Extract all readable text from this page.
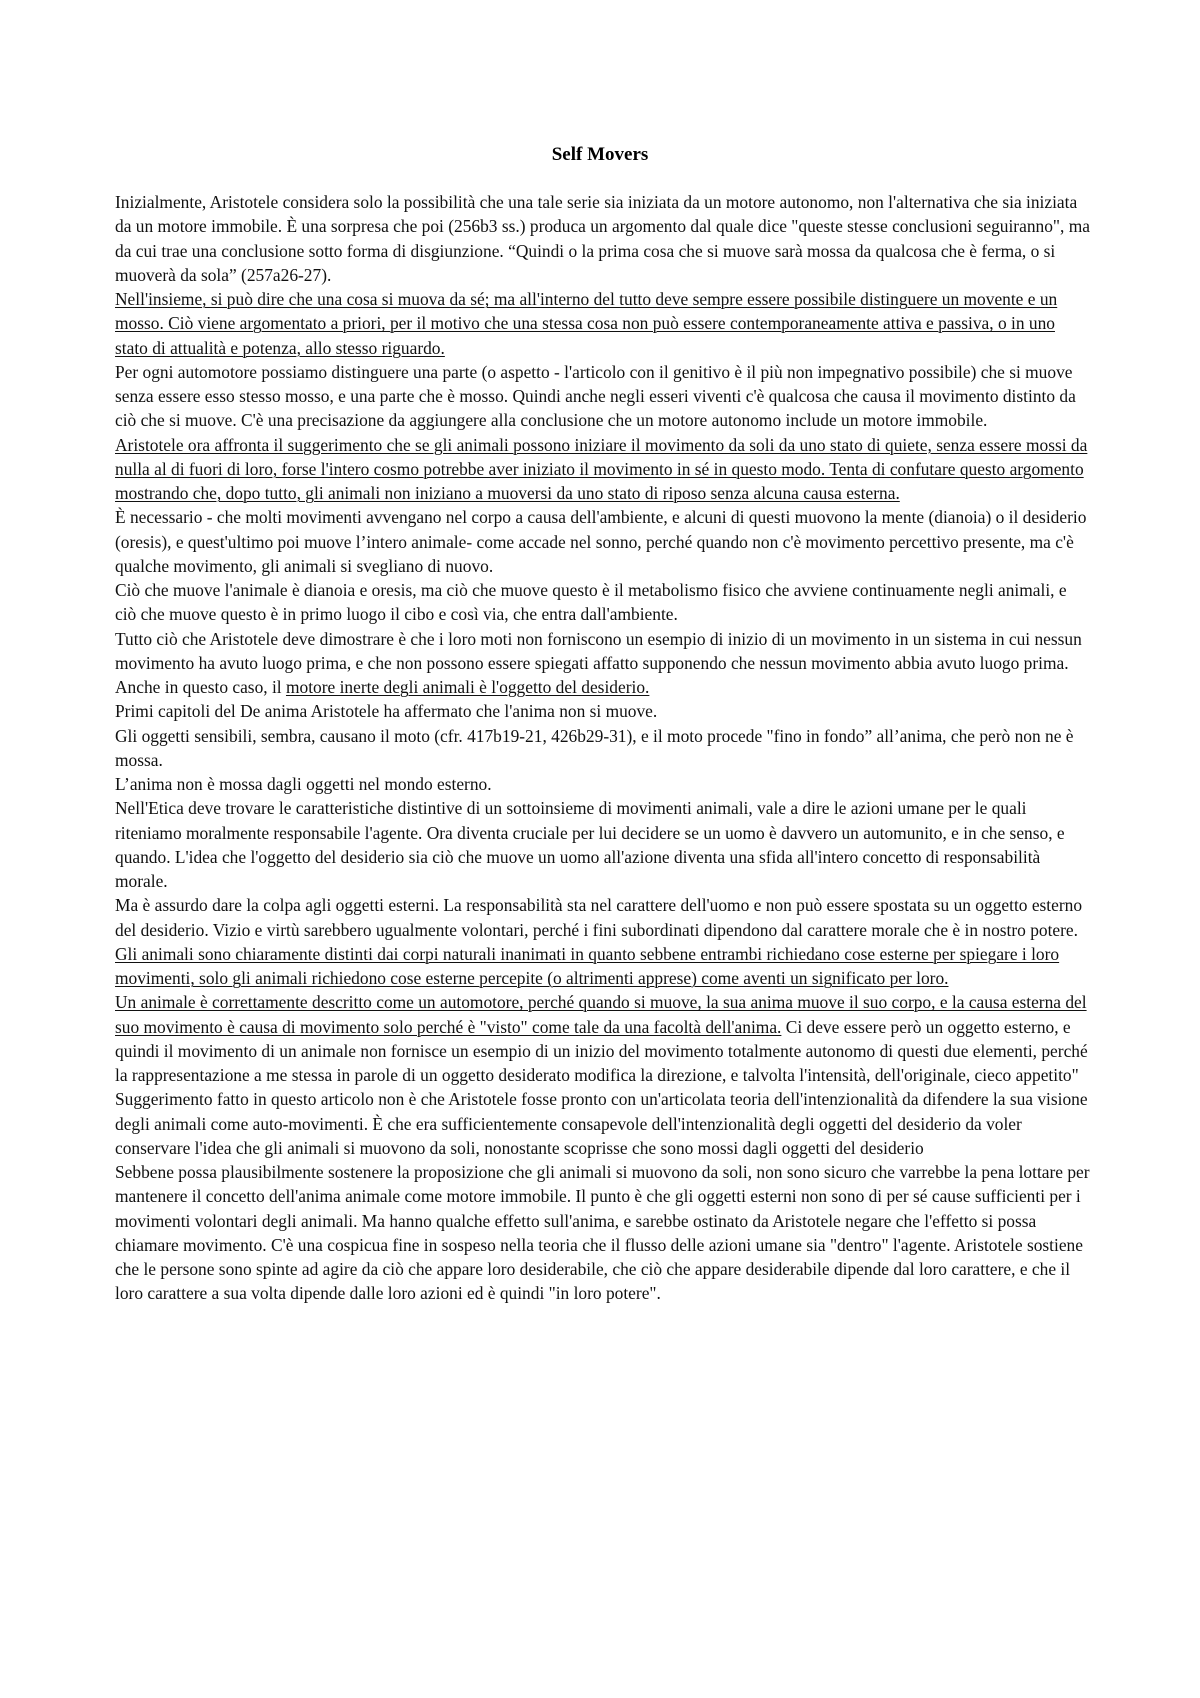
Self Movers

Inizialmente, Aristotele considera solo la possibilità che una tale serie sia iniziata da un motore autonomo, non l'alternativa che sia iniziata da un motore immobile. È una sorpresa che poi (256b3 ss.) produca un argomento dal quale dice "queste stesse conclusioni seguiranno", ma da cui trae una conclusione sotto forma di disgiunzione. “Quindi o la prima cosa che si muove sarà mossa da qualcosa che è ferma, o si muoverà da sola” (257a26-27).

Nell'insieme, si può dire che una cosa si muova da sé; ma all'interno del tutto deve sempre essere possibile distinguere un movente e un mosso. Ciò viene argomentato a priori, per il motivo che una stessa cosa non può essere contemporaneamente attiva e passiva, o in uno stato di attualità e potenza, allo stesso riguardo.

Per ogni automotore possiamo distinguere una parte (o aspetto - l'articolo con il genitivo è il più non impegnativo possibile) che si muove senza essere esso stesso mosso, e una parte che è mosso. Quindi anche negli esseri viventi c'è qualcosa che causa il movimento distinto da ciò che si muove. C'è una precisazione da aggiungere alla conclusione che un motore autonomo include un motore immobile.

Aristotele ora affronta il suggerimento che se gli animali possono iniziare il movimento da soli da uno stato di quiete, senza essere mossi da nulla al di fuori di loro, forse l'intero cosmo potrebbe aver iniziato il movimento in sé in questo modo. Tenta di confutare questo argomento mostrando che, dopo tutto, gli animali non iniziano a muoversi da uno stato di riposo senza alcuna causa esterna.

È necessario - che molti movimenti avvengano nel corpo a causa dell'ambiente, e alcuni di questi muovono la mente (dianoia) o il desiderio (oresis), e quest'ultimo poi muove l’intero animale- come accade nel sonno, perché quando non c'è movimento percettivo presente, ma c'è qualche movimento, gli animali si svegliano di nuovo.

Ciò che muove l'animale è dianoia e oresis, ma ciò che muove questo è il metabolismo fisico che avviene continuamente negli animali, e ciò che muove questo è in primo luogo il cibo e così via, che entra dall'ambiente.

Tutto ciò che Aristotele deve dimostrare è che i loro moti non forniscono un esempio di inizio di un movimento in un sistema in cui nessun movimento ha avuto luogo prima, e che non possono essere spiegati affatto supponendo che nessun movimento abbia avuto luogo prima.

Anche in questo caso, il motore inerte degli animali è l'oggetto del desiderio.

Primi capitoli del De anima Aristotele ha affermato che l'anima non si muove.

Gli oggetti sensibili, sembra, causano il moto (cfr. 417b19-21, 426b29-31), e il moto procede "fino in fondo” all’anima, che però non ne è mossa.

L’anima non è mossa dagli oggetti nel mondo esterno.

Nell'Etica deve trovare le caratteristiche distintive di un sottoinsieme di movimenti animali, vale a dire le azioni umane per le quali riteniamo moralmente responsabile l'agente. Ora diventa cruciale per lui decidere se un uomo è davvero un automunito, e in che senso, e quando. L'idea che l'oggetto del desiderio sia ciò che muove un uomo all'azione diventa una sfida all'intero concetto di responsabilità morale.

Ma è assurdo dare la colpa agli oggetti esterni. La responsabilità sta nel carattere dell'uomo e non può essere spostata su un oggetto esterno del desiderio. Vizio e virtù sarebbero ugualmente volontari, perché i fini subordinati dipendono dal carattere morale che è in nostro potere.

Gli animali sono chiaramente distinti dai corpi naturali inanimati in quanto sebbene entrambi richiedano cose esterne per spiegare i loro movimenti, solo gli animali richiedono cose esterne percepite (o altrimenti apprese) come aventi un significato per loro.

Un animale è correttamente descritto come un automotore, perché quando si muove, la sua anima muove il suo corpo, e la causa esterna del suo movimento è causa di movimento solo perché è "visto" come tale da una facoltà dell'anima. Ci deve essere però un oggetto esterno, e quindi il movimento di un animale non fornisce un esempio di un inizio del movimento totalmente autonomo di questi due elementi, perché la rappresentazione a me stessa in parole di un oggetto desiderato modifica la direzione, e talvolta l'intensità, dell'originale, cieco appetito"

Suggerimento fatto in questo articolo non è che Aristotele fosse pronto con un'articolata teoria dell'intenzionalità da difendere la sua visione degli animali come auto-movimenti. È che era sufficientemente consapevole dell'intenzionalità degli oggetti del desiderio da voler conservare l'idea che gli animali si muovono da soli, nonostante scoprisse che sono mossi dagli oggetti del desiderio

Sebbene possa plausibilmente sostenere la proposizione che gli animali si muovono da soli, non sono sicuro che varrebbe la pena lottare per mantenere il concetto dell'anima animale come motore immobile. Il punto è che gli oggetti esterni non sono di per sé cause sufficienti per i movimenti volontari degli animali. Ma hanno qualche effetto sull'anima, e sarebbe ostinato da Aristotele negare che l'effetto si possa chiamare movimento. C'è una cospicua fine in sospeso nella teoria che il flusso delle azioni umane sia "dentro" l'agente. Aristotele sostiene che le persone sono spinte ad agire da ciò che appare loro desiderabile, che ciò che appare desiderabile dipende dal loro carattere, e che il loro carattere a sua volta dipende dalle loro azioni ed è quindi "in loro potere".
